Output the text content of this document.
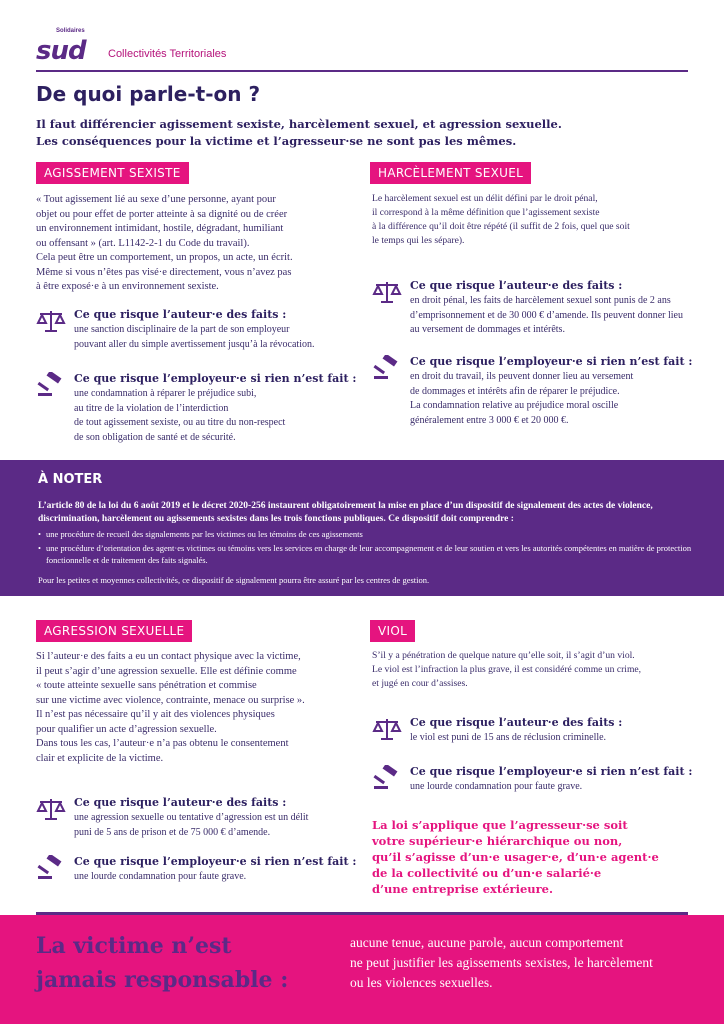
Solidaires
sud Collectivités Territoriales
De quoi parle-t-on ?
Il faut différencier agissement sexiste, harcèlement sexuel, et agression sexuelle.
Les conséquences pour la victime et l’agresseur·se ne sont pas les mêmes.
AGISSEMENT SEXISTE
« Tout agissement lié au sexe d’une personne, ayant pour
objet ou pour effet de porter atteinte à sa dignité ou de créer
un environnement intimidant, hostile, dégradant, humiliant
ou offensant » (art. L1142-2-1 du Code du travail).
Cela peut être un comportement, un propos, un acte, un écrit.
Même si vous n’êtes pas visé·e directement, vous n’avez pas
à être exposé·e à un environnement sexiste.
Ce que risque l’auteur·e des faits :
une sanction disciplinaire de la part de son employeur
pouvant aller du simple avertissement jusqu’à la révocation.
Ce que risque l’employeur·e si rien n’est fait :
une condamnation à réparer le préjudice subi,
au titre de la violation de l’interdiction
de tout agissement sexiste, ou au titre du non-respect
de son obligation de santé et de sécurité.
HARCÈLEMENT SEXUEL
Le harcèlement sexuel est un délit défini par le droit pénal,
il correspond à la même définition que l’agissement sexiste
à la différence qu’il doit être répété (il suffit de 2 fois, quel que soit
le temps qui les sépare).
Ce que risque l’auteur·e des faits :
en droit pénal, les faits de harcèlement sexuel sont punis de 2 ans
d’emprisonnement et de 30 000 € d’amende. Ils peuvent donner lieu
au versement de dommages et intérêts.
Ce que risque l’employeur·e si rien n’est fait :
en droit du travail, ils peuvent donner lieu au versement
de dommages et intérêts afin de réparer le préjudice.
La condamnation relative au préjudice moral oscille
généralement entre 3 000 € et 20 000 €.
À NOTER
L’article 80 de la loi du 6 août 2019 et le décret 2020-256 instaurent obligatoirement la mise en place d’un dispositif de signalement des actes de violence, discrimination, harcèlement ou agissements sexistes dans les trois fonctions publiques. Ce dispositif doit comprendre :
• une procédure de recueil des signalements par les victimes ou les témoins de ces agissements
• une procédure d’orientation des agent·es victimes ou témoins vers les services en charge de leur accompagnement et de leur soutien et vers les autorités compétentes en matière de protection fonctionnelle et de traitement des faits signalés.
Pour les petites et moyennes collectivités, ce dispositif de signalement pourra être assuré par les centres de gestion.
AGRESSION SEXUELLE
Si l’auteur·e des faits a eu un contact physique avec la victime,
il peut s’agir d’une agression sexuelle. Elle est définie comme
« toute atteinte sexuelle sans pénétration et commise
sur une victime avec violence, contrainte, menace ou surprise ».
Il n’est pas nécessaire qu’il y ait des violences physiques
pour qualifier un acte d’agression sexuelle.
Dans tous les cas, l’auteur·e n’a pas obtenu le consentement
clair et explicite de la victime.
Ce que risque l’auteur·e des faits :
une agression sexuelle ou tentative d’agression est un délit
puni de 5 ans de prison et de 75 000 € d’amende.
Ce que risque l’employeur·e si rien n’est fait :
une lourde condamnation pour faute grave.
VIOL
S’il y a pénétration de quelque nature qu’elle soit, il s’agit d’un viol.
Le viol est l’infraction la plus grave, il est considéré comme un crime,
et jugé en cour d’assises.
Ce que risque l’auteur·e des faits :
le viol est puni de 15 ans de réclusion criminelle.
Ce que risque l’employeur·e si rien n’est fait :
une lourde condamnation pour faute grave.
La loi s’applique que l’agresseur·se soit
votre supérieur·e hiérarchique ou non,
qu’il s’agisse d’un·e usager·e, d’un·e agent·e
de la collectivité ou d’un·e salarié·e
d’une entreprise extérieure.
La victime n’est
jamais responsable :
aucune tenue, aucune parole, aucun comportement
ne peut justifier les agissements sexistes, le harcèlement
ou les violences sexuelles.
